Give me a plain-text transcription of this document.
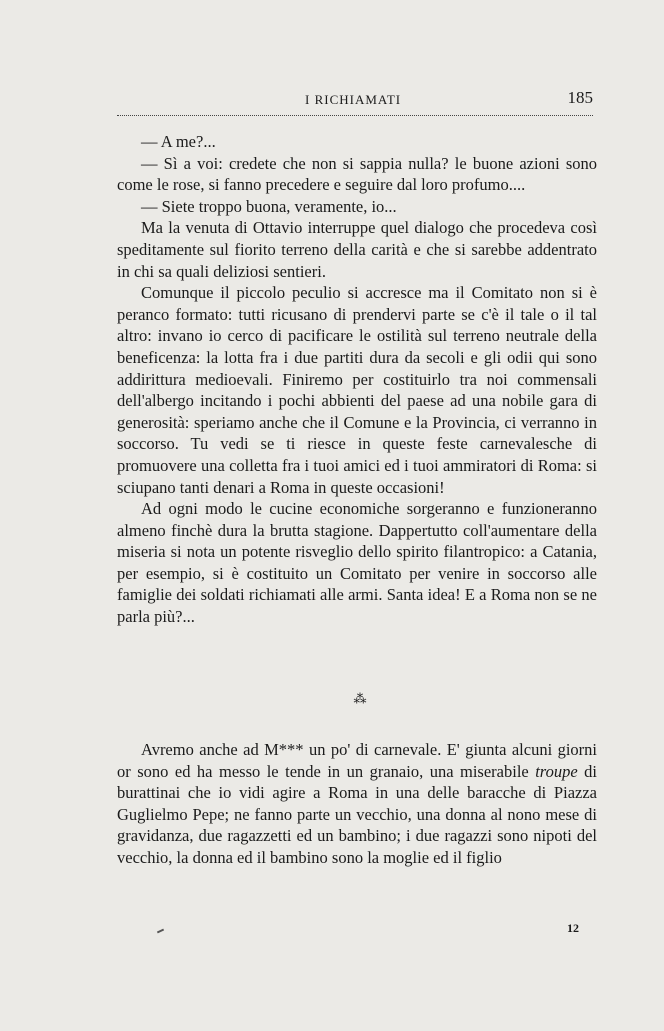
I RICHIAMATI	185

— A me?...

— Sì a voi: credete che non si sappia nulla? le buone azioni sono come le rose, si fanno precedere e seguire dal loro profumo....

— Siete troppo buona, veramente, io...

Ma la venuta di Ottavio interruppe quel dialogo che procedeva così speditamente sul fiorito terreno della carità e che si sarebbe addentrato in chi sa quali deliziosi sentieri.

Comunque il piccolo peculio si accresce ma il Comitato non si è peranco formato: tutti ricusano di prendervi parte se c'è il tale o il tal altro: invano io cerco di pacificare le ostilità sul terreno neutrale della beneficenza: la lotta fra i due partiti dura da secoli e gli odii qui sono addirittura medioevali. Finiremo per costituirlo tra noi commensali dell'albergo incitando i pochi abbienti del paese ad una nobile gara di generosità: speriamo anche che il Comune e la Provincia, ci verranno in soccorso. Tu vedi se ti riesce in queste feste carnevalesche di promuovere una colletta fra i tuoi amici ed i tuoi ammiratori di Roma: si sciupano tanti denari a Roma in queste occasioni!

Ad ogni modo le cucine economiche sorgeranno e funzioneranno almeno finchè dura la brutta stagione. Dappertutto coll'aumentare della miseria si nota un potente risveglio dello spirito filantropico: a Catania, per esempio, si è costituito un Comitato per venire in soccorso alle famiglie dei soldati richiamati alle armi. Santa idea! E a Roma non se ne parla più?...

⁂

Avremo anche ad M*** un po' di carnevale. E' giunta alcuni giorni or sono ed ha messo le tende in un granaio, una miserabile troupe di burattinai che io vidi agire a Roma in una delle baracche di Piazza Guglielmo Pepe; ne fanno parte un vecchio, una donna al nono mese di gravidanza, due ragazzetti ed un bambino; i due ragazzi sono nipoti del vecchio, la donna ed il bambino sono la moglie ed il figlio

12
